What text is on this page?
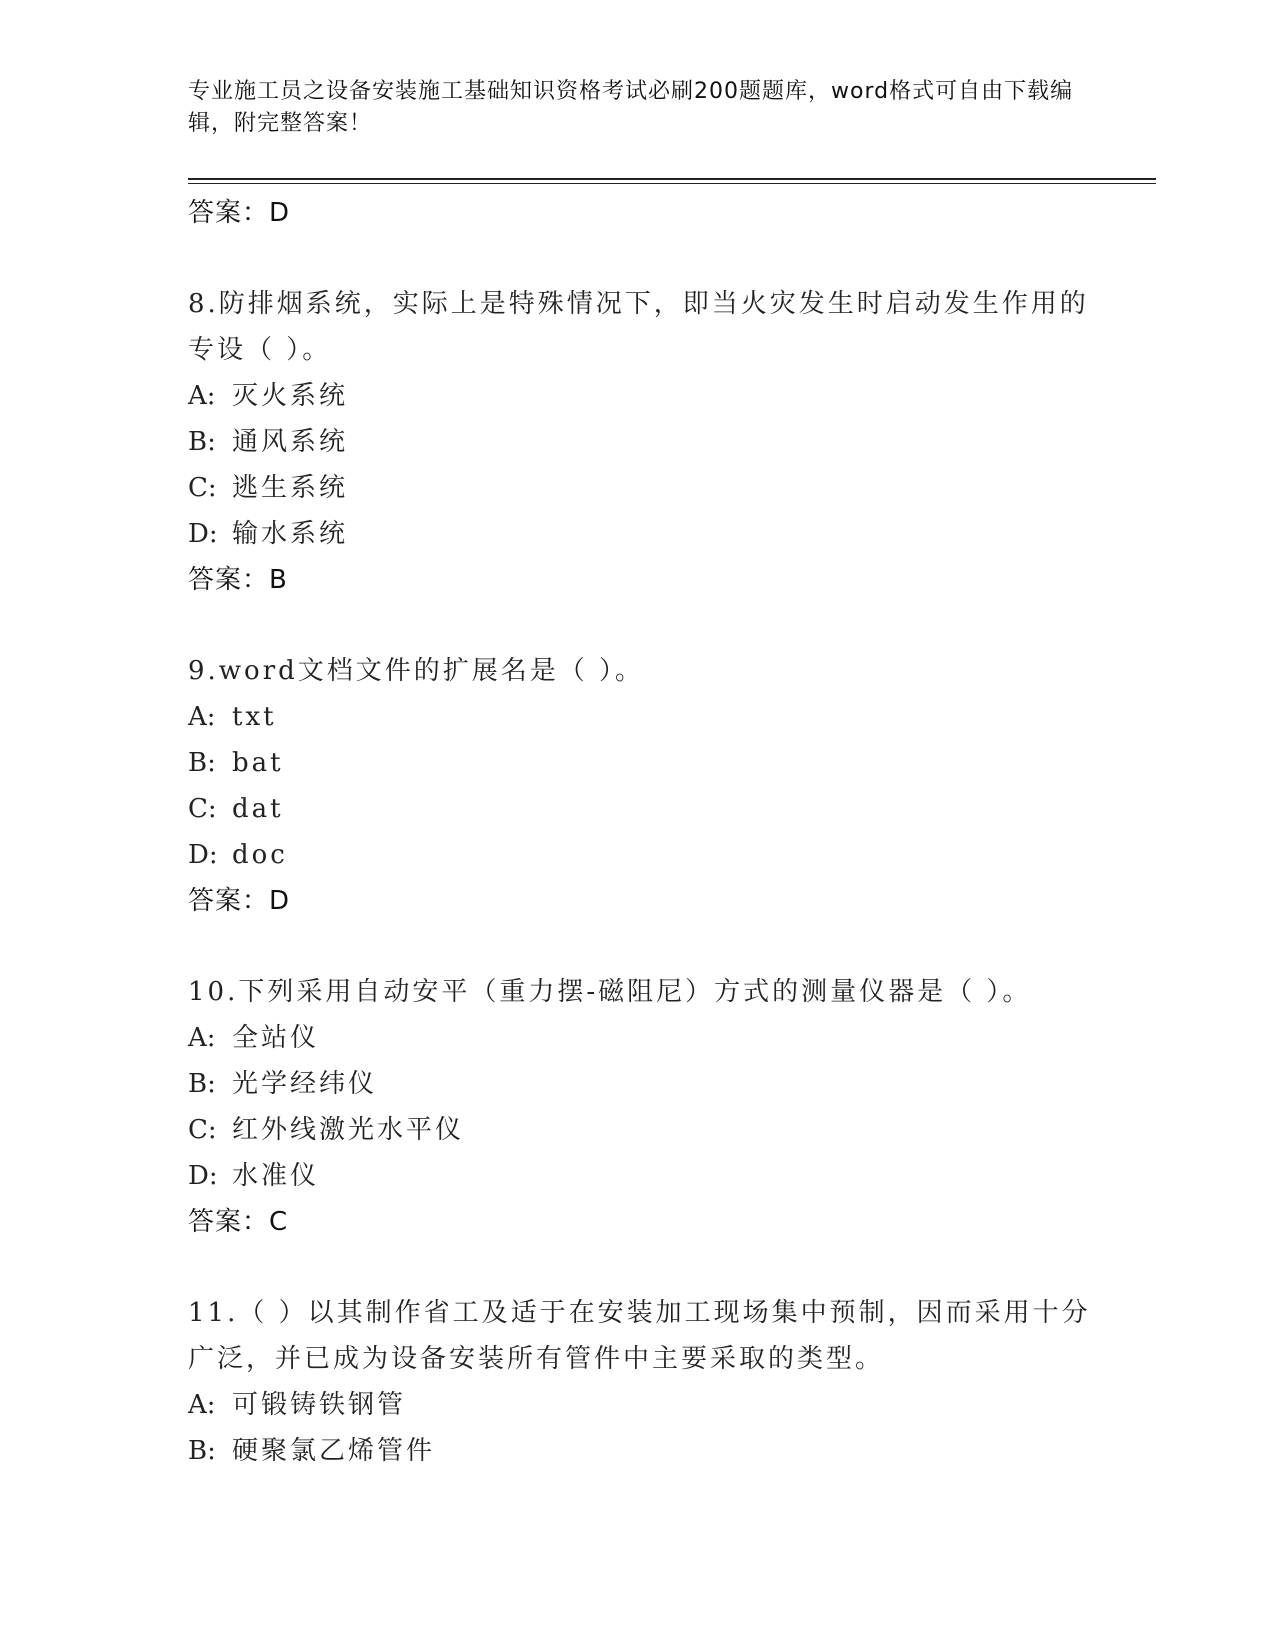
专业施工员之设备安装施工基础知识资格考试必刷200题题库，word格式可自由下载编辑，附完整答案！

答案：D

8.防排烟系统，实际上是特殊情况下，即当火灾发生时启动发生作用的专设（ ）。

A: 灭火系统

B: 通风系统

C: 逃生系统

D: 输水系统

答案：B

9.word文档文件的扩展名是（ ）。

A: txt

B: bat

C: dat

D: doc

答案：D

10.下列采用自动安平（重力摆-磁阻尼）方式的测量仪器是（ ）。

A: 全站仪

B: 光学经纬仪

C: 红外线激光水平仪

D: 水准仪

答案：C

11.（ ）以其制作省工及适于在安装加工现场集中预制，因而采用十分广泛，并已成为设备安装所有管件中主要采取的类型。

A: 可锻铸铁钢管

B: 硬聚氯乙烯管件
